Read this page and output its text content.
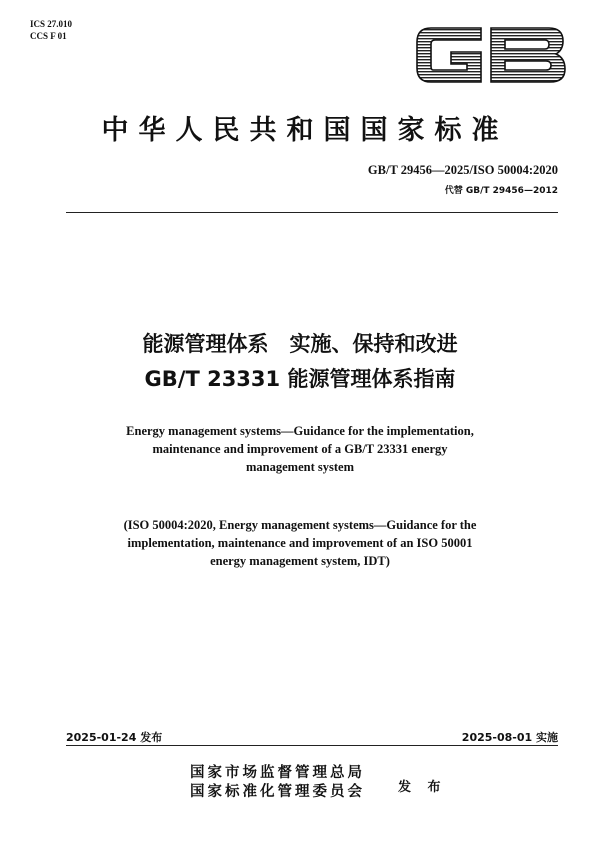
ICS 27.010
CCS F 01
中华人民共和国国家标准
GB/T 29456—2025/ISO 50004:2020
代替 GB/T 29456—2012
能源管理体系　实施、保持和改进
GB/T 23331 能源管理体系指南
Energy management systems—Guidance for the implementation,
maintenance and improvement of a GB/T 23331 energy
management system
(ISO 50004:2020, Energy management systems—Guidance for the
implementation, maintenance and improvement of an ISO 50001
energy management system, IDT)
2025-01-24 发布	2025-08-01 实施
国家市场监督管理总局
国家标准化管理委员会	发 布
